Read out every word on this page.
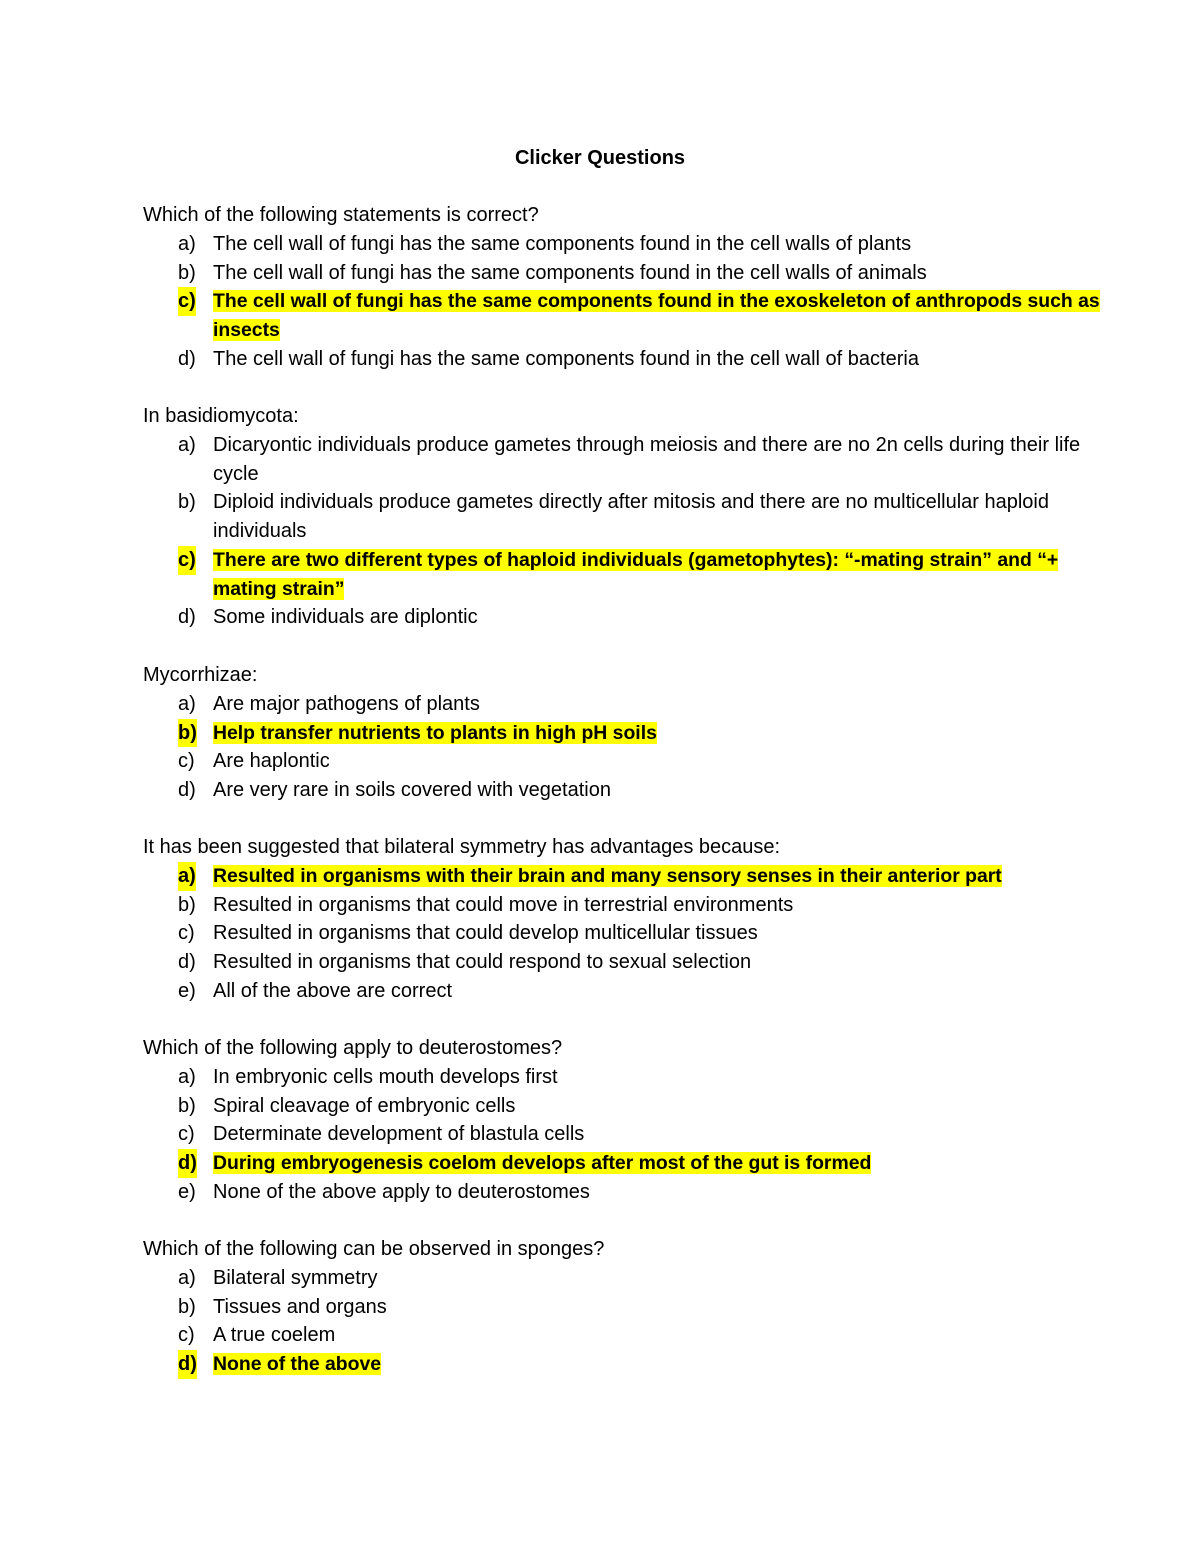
Clicker Questions
Which of the following statements is correct?
a) The cell wall of fungi has the same components found in the cell walls of plants
b) The cell wall of fungi has the same components found in the cell walls of animals
c) The cell wall of fungi has the same components found in the exoskeleton of anthropods such as insects
d) The cell wall of fungi has the same components found in the cell wall of bacteria
In basidiomycota:
a) Dicaryontic individuals produce gametes through meiosis and there are no 2n cells during their life cycle
b) Diploid individuals produce gametes directly after mitosis and there are no multicellular haploid individuals
c) There are two different types of haploid individuals (gametophytes): “-mating strain” and “+ mating strain”
d) Some individuals are diplontic
Mycorrhizae:
a) Are major pathogens of plants
b) Help transfer nutrients to plants in high pH soils
c) Are haplontic
d) Are very rare in soils covered with vegetation
It has been suggested that bilateral symmetry has advantages because:
a) Resulted in organisms with their brain and many sensory senses in their anterior part
b) Resulted in organisms that could move in terrestrial environments
c) Resulted in organisms that could develop multicellular tissues
d) Resulted in organisms that could respond to sexual selection
e) All of the above are correct
Which of the following apply to deuterostomes?
a) In embryonic cells mouth develops first
b) Spiral cleavage of embryonic cells
c) Determinate development of blastula cells
d) During embryogenesis coelom develops after most of the gut is formed
e) None of the above apply to deuterostomes
Which of the following can be observed in sponges?
a) Bilateral symmetry
b) Tissues and organs
c) A true coelem
d) None of the above
